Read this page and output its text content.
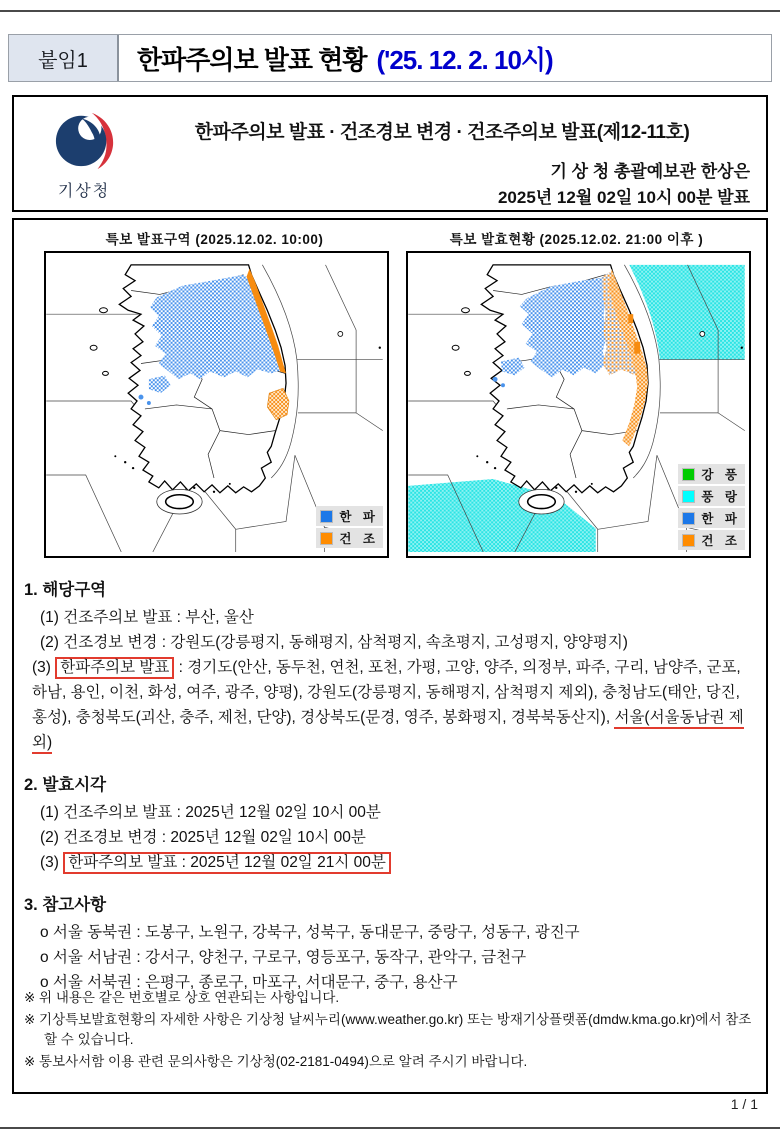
붙임1	한파주의보 발표 현황 ('25. 12. 2. 10시)
기상청
한파주의보 발표 · 건조경보 변경 · 건조주의보 발표(제12-11호)
기 상 청 총괄예보관 한상은
2025년 12월 02일 10시 00분 발표
특보 발표구역 (2025.12.02. 10:00)
한 파
건 조
특보 발효현황 (2025.12.02. 21:00 이후 )
강 풍
풍 랑
한 파
건 조
1. 해당구역
(1) 건조주의보 발표 : 부산, 울산
(2) 건조경보 변경 : 강원도(강릉평지, 동해평지, 삼척평지, 속초평지, 고성평지, 양양평지)
(3) 한파주의보 발표 : 경기도(안산, 동두천, 연천, 포천, 가평, 고양, 양주, 의정부, 파주, 구리, 남양주, 군포, 하남, 용인, 이천, 화성, 여주, 광주, 양평), 강원도(강릉평지, 동해평지, 삼척평지 제외), 충청남도(태안, 당진, 홍성), 충청북도(괴산, 충주, 제천, 단양), 경상북도(문경, 영주, 봉화평지, 경북북동산지), 서울(서울동남권 제외)
2. 발효시각
(1) 건조주의보 발표 : 2025년 12월 02일 10시 00분
(2) 건조경보 변경 : 2025년 12월 02일 10시 00분
(3) 한파주의보 발표 : 2025년 12월 02일 21시 00분
3. 참고사항
o 서울 동북권 : 도봉구, 노원구, 강북구, 성북구, 동대문구, 중랑구, 성동구, 광진구
o 서울 서남권 : 강서구, 양천구, 구로구, 영등포구, 동작구, 관악구, 금천구
o 서울 서북권 : 은평구, 종로구, 마포구, 서대문구, 중구, 용산구
※ 위 내용은 같은 번호별로 상호 연관되는 사항입니다.
※ 기상특보발효현황의 자세한 사항은 기상청 날씨누리(www.weather.go.kr) 또는 방재기상플랫폼(dmdw.kma.go.kr)에서 참조할 수 있습니다.
※ 통보사서함 이용 관련 문의사항은 기상청(02-2181-0494)으로 알려 주시기 바랍니다.
1 / 1
